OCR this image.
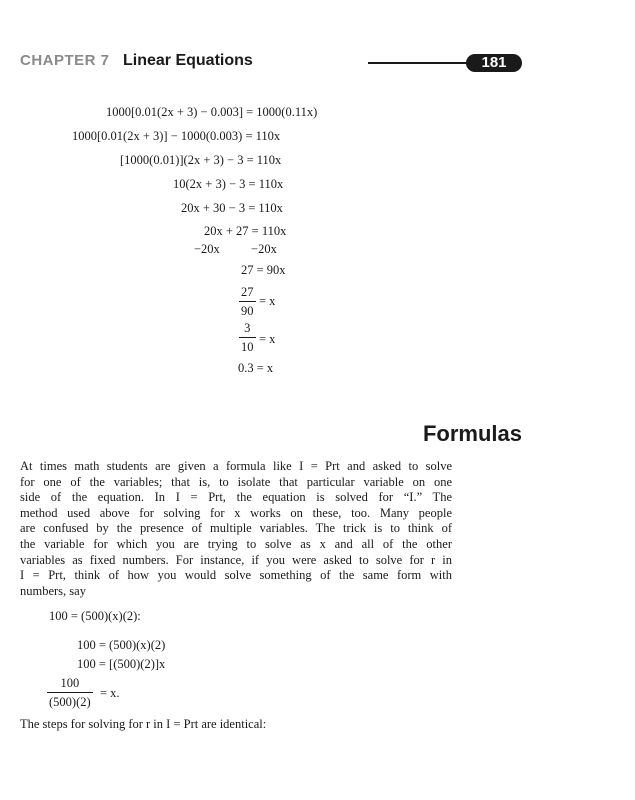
CHAPTER 7 Linear Equations	181
1000[0.01(2x + 3) − 0.003] = 1000(0.11x)
1000[0.01(2x + 3)] − 1000(0.003) = 110x
[1000(0.01)](2x + 3) − 3 = 110x
10(2x + 3) − 3 = 110x
20x + 30 − 3 = 110x
20x + 27 = 110x
−20x          −20x
27 = 90x
27
90
= x
3
10
= x
0.3 = x
Formulas
At times math students are given a formula like I = Prt and asked to solve
for one of the variables; that is, to isolate that particular variable on one
side of the equation. In I = Prt, the equation is solved for “I.” The
method used above for solving for x works on these, too. Many people
are confused by the presence of multiple variables. The trick is to think of
the variable for which you are trying to solve as x and all of the other
variables as fixed numbers. For instance, if you were asked to solve for r in
I = Prt, think of how you would solve something of the same form with
numbers, say
100 = (500)(x)(2):
100 = (500)(x)(2)
100 = [(500)(2)]x
100
(500)(2)
= x.
The steps for solving for r in I = Prt are identical:
